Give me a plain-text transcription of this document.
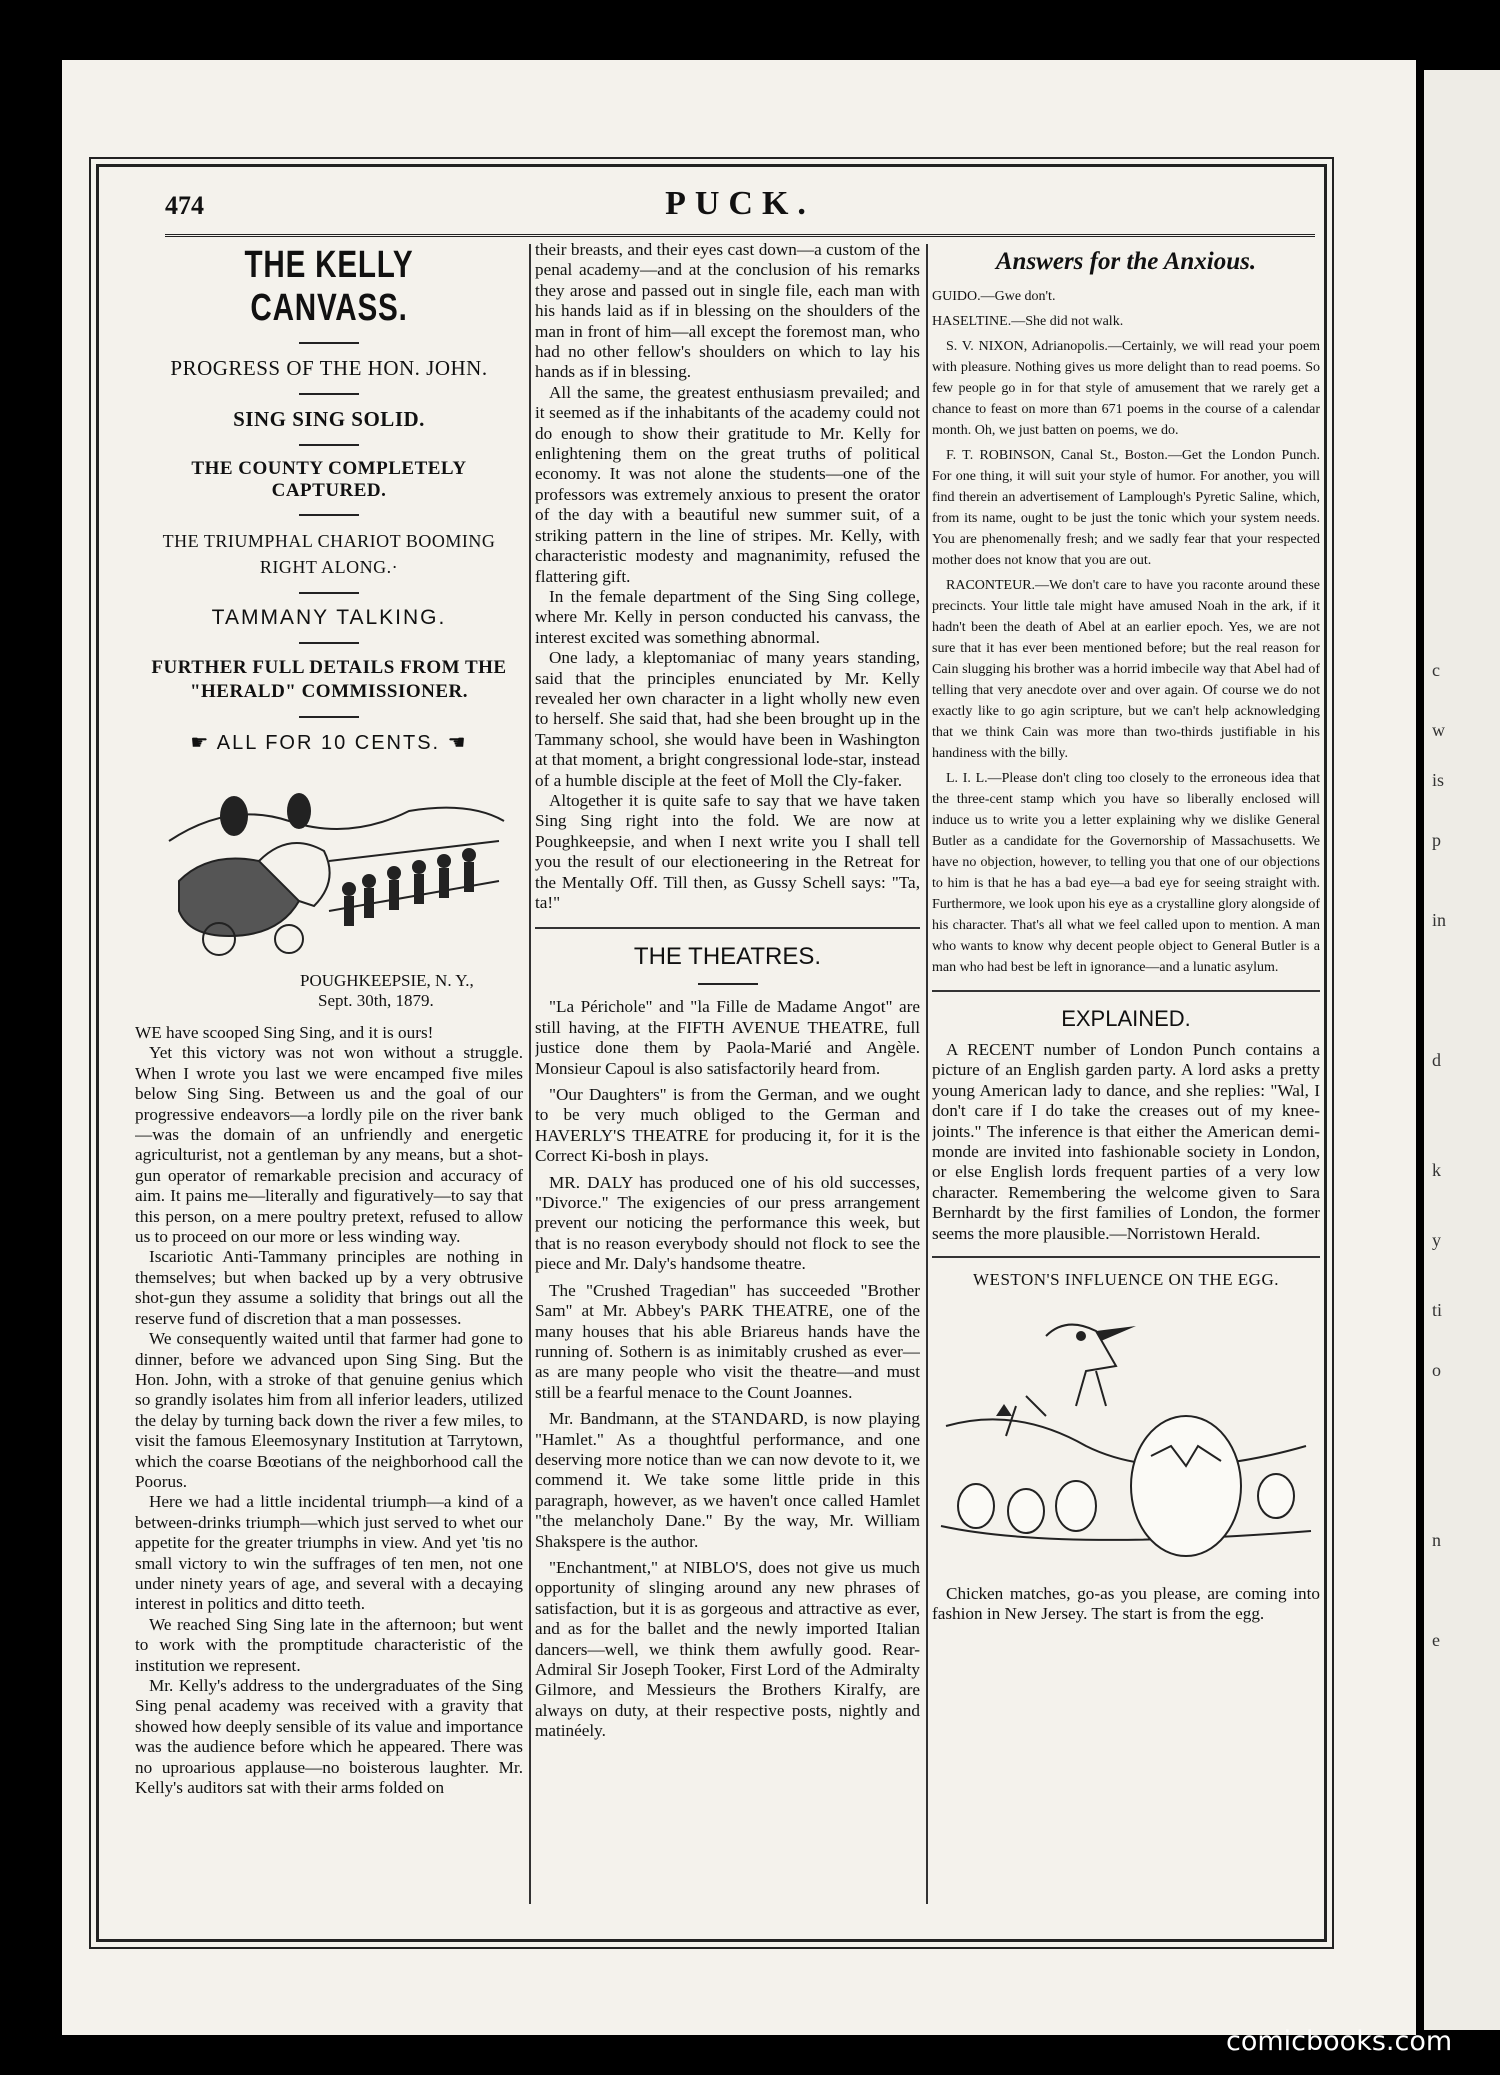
c
w
is
p
in
d
k
y
ti
o
n
e
474	PUCK.
THE KELLY CANVASS.
PROGRESS OF THE HON. JOHN.
SING SING SOLID.
THE COUNTY COMPLETELY CAPTURED.
THE TRIUMPHAL CHARIOT BOOMING RIGHT ALONG.·
TAMMANY TALKING.
FURTHER FULL DETAILS FROM THE "HERALD" COMMISSIONER.
☛ ALL FOR 10 CENTS. ☚
POUGHKEEPSIE, N. Y.,
Sept. 30th, 1879.

WE have scooped Sing Sing, and it is ours!

Yet this victory was not won without a struggle. When I wrote you last we were encamped five miles below Sing Sing. Between us and the goal of our progressive endeavors—a lordly pile on the river bank—was the domain of an unfriendly and energetic agriculturist, not a gentleman by any means, but a shot-gun operator of remarkable precision and accuracy of aim. It pains me—literally and figuratively—to say that this person, on a mere poultry pretext, refused to allow us to proceed on our more or less winding way.

Iscariotic Anti-Tammany principles are nothing in themselves; but when backed up by a very obtrusive shot-gun they assume a solidity that brings out all the reserve fund of discretion that a man possesses.

We consequently waited until that farmer had gone to dinner, before we advanced upon Sing Sing. But the Hon. John, with a stroke of that genuine genius which so grandly isolates him from all inferior leaders, utilized the delay by turning back down the river a few miles, to visit the famous Eleemosynary Institution at Tarrytown, which the coarse Bœotians of the neighborhood call the Poorus.

Here we had a little incidental triumph—a kind of a between-drinks triumph—which just served to whet our appetite for the greater triumphs in view. And yet 'tis no small victory to win the suffrages of ten men, not one under ninety years of age, and several with a decaying interest in politics and ditto teeth.

We reached Sing Sing late in the afternoon; but went to work with the promptitude characteristic of the institution we represent.

Mr. Kelly's address to the undergraduates of the Sing Sing penal academy was received with a gravity that showed how deeply sensible of its value and importance was the audience before which he appeared. There was no uproarious applause—no boisterous laughter. Mr. Kelly's auditors sat with their arms folded on

their breasts, and their eyes cast down—a custom of the penal academy—and at the conclusion of his remarks they arose and passed out in single file, each man with his hands laid as if in blessing on the shoulders of the man in front of him—all except the foremost man, who had no other fellow's shoulders on which to lay his hands as if in blessing.

All the same, the greatest enthusiasm prevailed; and it seemed as if the inhabitants of the academy could not do enough to show their gratitude to Mr. Kelly for enlightening them on the great truths of political economy. It was not alone the students—one of the professors was extremely anxious to present the orator of the day with a beautiful new summer suit, of a striking pattern in the line of stripes. Mr. Kelly, with characteristic modesty and magnanimity, refused the flattering gift.

In the female department of the Sing Sing college, where Mr. Kelly in person conducted his canvass, the interest excited was something abnormal.

One lady, a kleptomaniac of many years standing, said that the principles enunciated by Mr. Kelly revealed her own character in a light wholly new even to herself. She said that, had she been brought up in the Tammany school, she would have been in Washington at that moment, a bright congressional lode-star, instead of a humble disciple at the feet of Moll the Cly-faker.

Altogether it is quite safe to say that we have taken Sing Sing right into the fold. We are now at Poughkeepsie, and when I next write you I shall tell you the result of our electioneering in the Retreat for the Mentally Off. Till then, as Gussy Schell says: "Ta, ta!"

THE THEATRES.

"La Périchole" and "la Fille de Madame Angot" are still having, at the FIFTH AVENUE THEATRE, full justice done them by Paola-Marié and Angèle. Monsieur Capoul is also satisfactorily heard from.

"Our Daughters" is from the German, and we ought to be very much obliged to the German and HAVERLY'S THEATRE for producing it, for it is the Correct Ki-bosh in plays.

MR. DALY has produced one of his old successes, "Divorce." The exigencies of our press arrangement prevent our noticing the performance this week, but that is no reason everybody should not flock to see the piece and Mr. Daly's handsome theatre.

The "Crushed Tragedian" has succeeded "Brother Sam" at Mr. Abbey's PARK THEATRE, one of the many houses that his able Briareus hands have the running of. Sothern is as inimitably crushed as ever—as are many people who visit the theatre—and must still be a fearful menace to the Count Joannes.

Mr. Bandmann, at the STANDARD, is now playing "Hamlet." As a thoughtful performance, and one deserving more notice than we can now devote to it, we commend it. We take some little pride in this paragraph, however, as we haven't once called Hamlet "the melancholy Dane." By the way, Mr. William Shakspere is the author.

"Enchantment," at NIBLO'S, does not give us much opportunity of slinging around any new phrases of satisfaction, but it is as gorgeous and attractive as ever, and as for the ballet and the newly imported Italian dancers—well, we think them awfully good. Rear-Admiral Sir Joseph Tooker, First Lord of the Admiralty Gilmore, and Messieurs the Brothers Kiralfy, are always on duty, at their respective posts, nightly and matinéely.

Answers for the Anxious.

GUIDO.—Gwe don't.

HASELTINE.—She did not walk.

S. V. NIXON, Adrianopolis.—Certainly, we will read your poem with pleasure. Nothing gives us more delight than to read poems. So few people go in for that style of amusement that we rarely get a chance to feast on more than 671 poems in the course of a calendar month. Oh, we just batten on poems, we do.

F. T. ROBINSON, Canal St., Boston.—Get the London Punch. For one thing, it will suit your style of humor. For another, you will find therein an advertisement of Lamplough's Pyretic Saline, which, from its name, ought to be just the tonic which your system needs. You are phenomenally fresh; and we sadly fear that your respected mother does not know that you are out.

RACONTEUR.—We don't care to have you raconte around these precincts. Your little tale might have amused Noah in the ark, if it hadn't been the death of Abel at an earlier epoch. Yes, we are not sure that it has ever been mentioned before; but the real reason for Cain slugging his brother was a horrid imbecile way that Abel had of telling that very anecdote over and over again. Of course we do not exactly like to go agin scripture, but we can't help acknowledging that we think Cain was more than two-thirds justifiable in his handiness with the billy.

L. I. L.—Please don't cling too closely to the erroneous idea that the three-cent stamp which you have so liberally enclosed will induce us to write you a letter explaining why we dislike General Butler as a candidate for the Governorship of Massachusetts. We have no objection, however, to telling you that one of our objections to him is that he has a bad eye—a bad eye for seeing straight with. Furthermore, we look upon his eye as a crystalline glory alongside of his character. That's all what we feel called upon to mention. A man who wants to know why decent people object to General Butler is a man who had best be left in ignorance—and a lunatic asylum.

EXPLAINED.

A RECENT number of London Punch contains a picture of an English garden party. A lord asks a pretty young American lady to dance, and she replies: "Wal, I don't care if I do take the creases out of my knee-joints." The inference is that either the American demi-monde are invited into fashionable society in London, or else English lords frequent parties of a very low character. Remembering the welcome given to Sara Bernhardt by the first families of London, the former seems the more plausible.—Norristown Herald.

WESTON'S INFLUENCE ON THE EGG.

Chicken matches, go-as you please, are coming into fashion in New Jersey. The start is from the egg.

comicbooks.com
